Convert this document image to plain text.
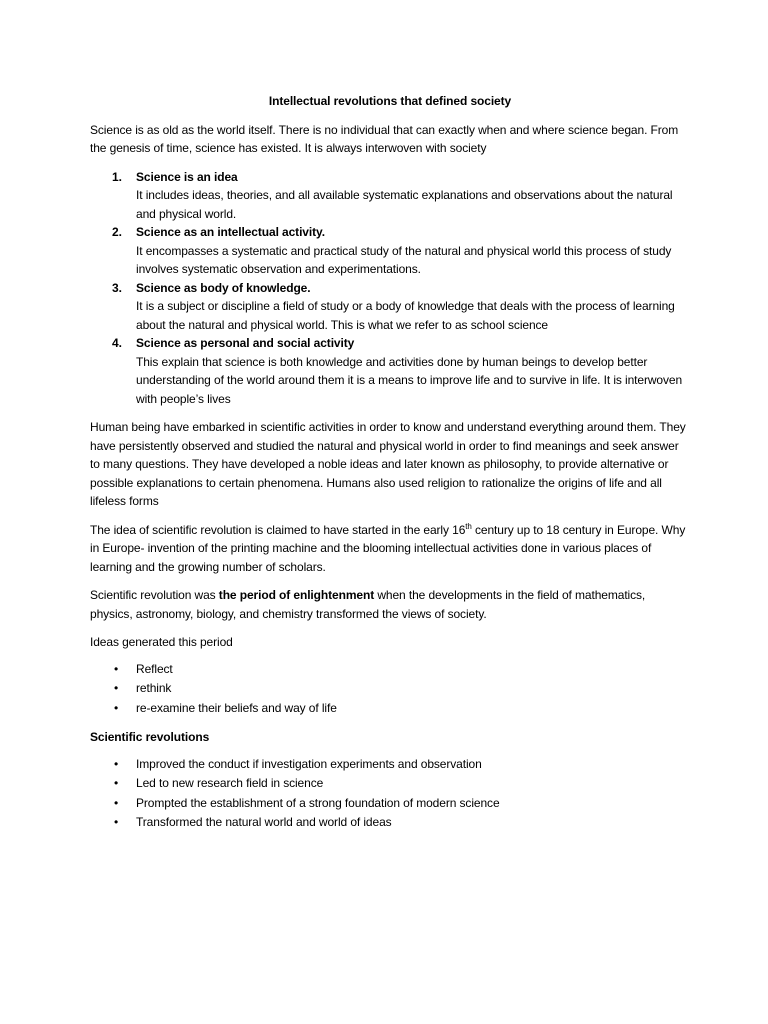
Intellectual revolutions that defined society
Science is as old as the world itself. There is no individual that can exactly when and where science began. From the genesis of time, science has existed. It is always interwoven with society
1. Science is an idea
It includes ideas, theories, and all available systematic explanations and observations about the natural and physical world.
2. Science as an intellectual activity.
It encompasses a systematic and practical study of the natural and physical world this process of study involves systematic observation and experimentations.
3. Science as body of knowledge.
It is a subject or discipline a field of study or a body of knowledge that deals with the process of learning about the natural and physical world. This is what we refer to as school science
4. Science as personal and social activity
This explain that science is both knowledge and activities done by human beings to develop better understanding of the world around them it is a means to improve life and to survive in life. It is interwoven with people’s lives
Human being have embarked in scientific activities in order to know and understand everything around them. They have persistently observed and studied the natural and physical world in order to find meanings and seek answer to many questions. They have developed a noble ideas and later known as philosophy, to provide alternative or possible explanations to certain phenomena. Humans also used religion to rationalize the origins of life and all lifeless forms
The idea of scientific revolution is claimed to have started in the early 16th century up to 18 century in Europe. Why in Europe- invention of the printing machine and the blooming intellectual activities done in various places of learning and the growing number of scholars.
Scientific revolution was the period of enlightenment when the developments in the field of mathematics, physics, astronomy, biology, and chemistry transformed the views of society.
Ideas generated this period
• Reflect
• rethink
• re-examine their beliefs and way of life
Scientific revolutions
• Improved the conduct if investigation experiments and observation
• Led to new research field in science
• Prompted the establishment of a strong foundation of modern science
• Transformed the natural world and world of ideas
